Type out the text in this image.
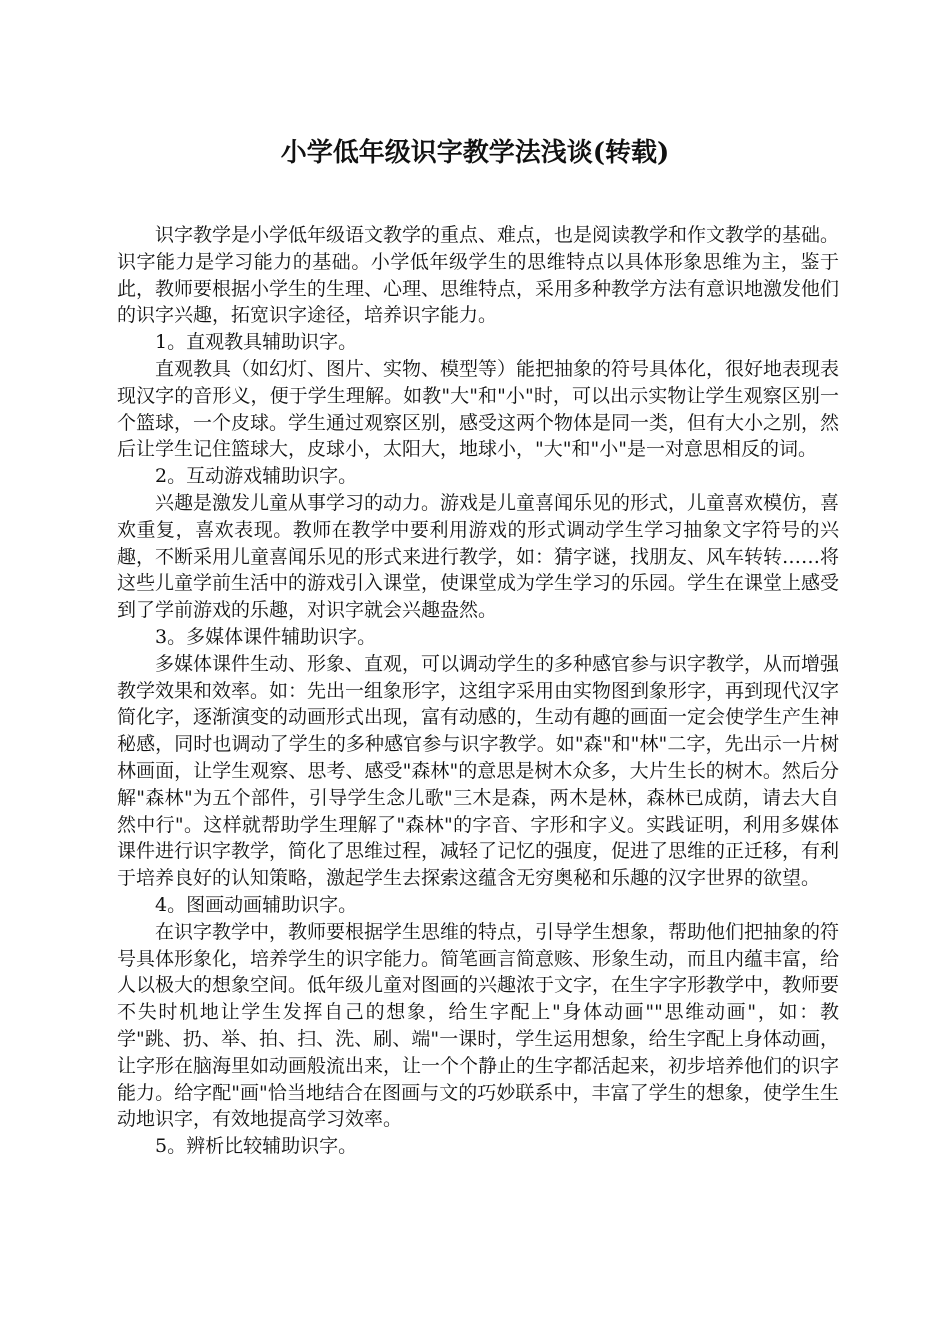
小学低年级识字教学法浅谈(转载)

识字教学是小学低年级语文教学的重点、难点，也是阅读教学和作文教学的基础。识字能力是学习能力的基础。小学低年级学生的思维特点以具体形象思维为主，鉴于此，教师要根据小学生的生理、心理、思维特点，采用多种教学方法有意识地激发他们的识字兴趣，拓宽识字途径，培养识字能力。

1。直观教具辅助识字。

直观教具（如幻灯、图片、实物、模型等）能把抽象的符号具体化，很好地表现表现汉字的音形义，便于学生理解。如教"大"和"小"时，可以出示实物让学生观察区别一个篮球，一个皮球。学生通过观察区别，感受这两个物体是同一类，但有大小之别，然后让学生记住篮球大，皮球小，太阳大，地球小，"大"和"小"是一对意思相反的词。

2。互动游戏辅助识字。

兴趣是激发儿童从事学习的动力。游戏是儿童喜闻乐见的形式，儿童喜欢模仿，喜欢重复，喜欢表现。教师在教学中要利用游戏的形式调动学生学习抽象文字符号的兴趣，不断采用儿童喜闻乐见的形式来进行教学，如：猜字谜，找朋友、风车转转……将这些儿童学前生活中的游戏引入课堂，使课堂成为学生学习的乐园。学生在课堂上感受到了学前游戏的乐趣，对识字就会兴趣盎然。

3。多媒体课件辅助识字。

多媒体课件生动、形象、直观，可以调动学生的多种感官参与识字教学，从而增强教学效果和效率。如：先出一组象形字，这组字采用由实物图到象形字，再到现代汉字简化字，逐渐演变的动画形式出现，富有动感的，生动有趣的画面一定会使学生产生神秘感，同时也调动了学生的多种感官参与识字教学。如"森"和"林"二字，先出示一片树林画面，让学生观察、思考、感受"森林"的意思是树木众多，大片生长的树木。然后分解"森林"为五个部件，引导学生念儿歌"三木是森，两木是林，森林已成荫，请去大自然中行"。这样就帮助学生理解了"森林"的字音、字形和字义。实践证明，利用多媒体课件进行识字教学，简化了思维过程，减轻了记忆的强度，促进了思维的正迁移，有利于培养良好的认知策略，激起学生去探索这蕴含无穷奥秘和乐趣的汉字世界的欲望。

4。图画动画辅助识字。

在识字教学中，教师要根据学生思维的特点，引导学生想象，帮助他们把抽象的符号具体形象化，培养学生的识字能力。简笔画言简意赅、形象生动，而且内蕴丰富，给人以极大的想象空间。低年级儿童对图画的兴趣浓于文字，在生字字形教学中，教师要不失时机地让学生发挥自己的想象，给生字配上"身体动画""思维动画"，如：教学"跳、扔、举、拍、扫、洗、刷、端"一课时，学生运用想象，给生字配上身体动画，让字形在脑海里如动画般流出来，让一个个静止的生字都活起来，初步培养他们的识字能力。给字配"画"恰当地结合在图画与文的巧妙联系中，丰富了学生的想象，使学生生动地识字，有效地提高学习效率。

5。辨析比较辅助识字。
